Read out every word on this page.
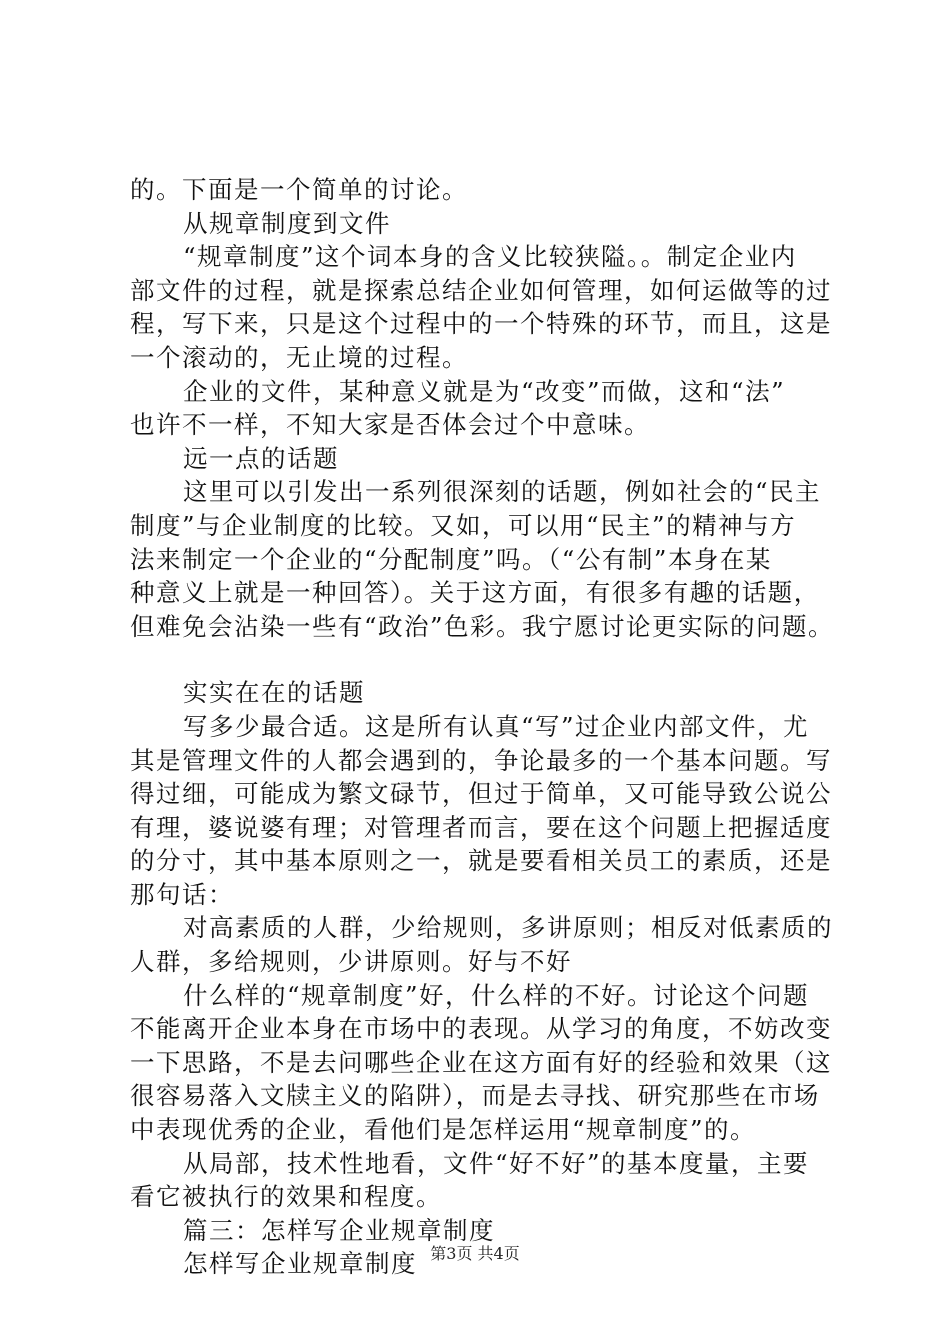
的。下面是一个简单的讨论。
从规章制度到文件
“规章制度”这个词本身的含义比较狭隘。。制定企业内
部文件的过程，就是探索总结企业如何管理，如何运做等的过
程，写下来，只是这个过程中的一个特殊的环节，而且，这是
一个滚动的，无止境的过程。
企业的文件，某种意义就是为“改变”而做，这和“法”
也许不一样，不知大家是否体会过个中意味。
远一点的话题
这里可以引发出一系列很深刻的话题，例如社会的“民主
制度”与企业制度的比较。又如，可以用“民主”的精神与方
法来制定一个企业的“分配制度”吗。（“公有制”本身在某
种意义上就是一种回答）。关于这方面，有很多有趣的话题，
但难免会沾染一些有“政治”色彩。我宁愿讨论更实际的问题。
实实在在的话题
写多少最合适。这是所有认真“写”过企业内部文件，尤
其是管理文件的人都会遇到的，争论最多的一个基本问题。写
得过细，可能成为繁文碌节，但过于简单，又可能导致公说公
有理，婆说婆有理；对管理者而言，要在这个问题上把握适度
的分寸，其中基本原则之一，就是要看相关员工的素质，还是
那句话：
对高素质的人群，少给规则，多讲原则；相反对低素质的
人群，多给规则，少讲原则。好与不好
什么样的“规章制度”好，什么样的不好。讨论这个问题
不能离开企业本身在市场中的表现。从学习的角度，不妨改变
一下思路，不是去问哪些企业在这方面有好的经验和效果（这
很容易落入文牍主义的陷阱），而是去寻找、研究那些在市场
中表现优秀的企业，看他们是怎样运用“规章制度”的。
从局部，技术性地看，文件“好不好”的基本度量，主要
看它被执行的效果和程度。
篇三：怎样写企业规章制度
怎样写企业规章制度 第3页 共4页
